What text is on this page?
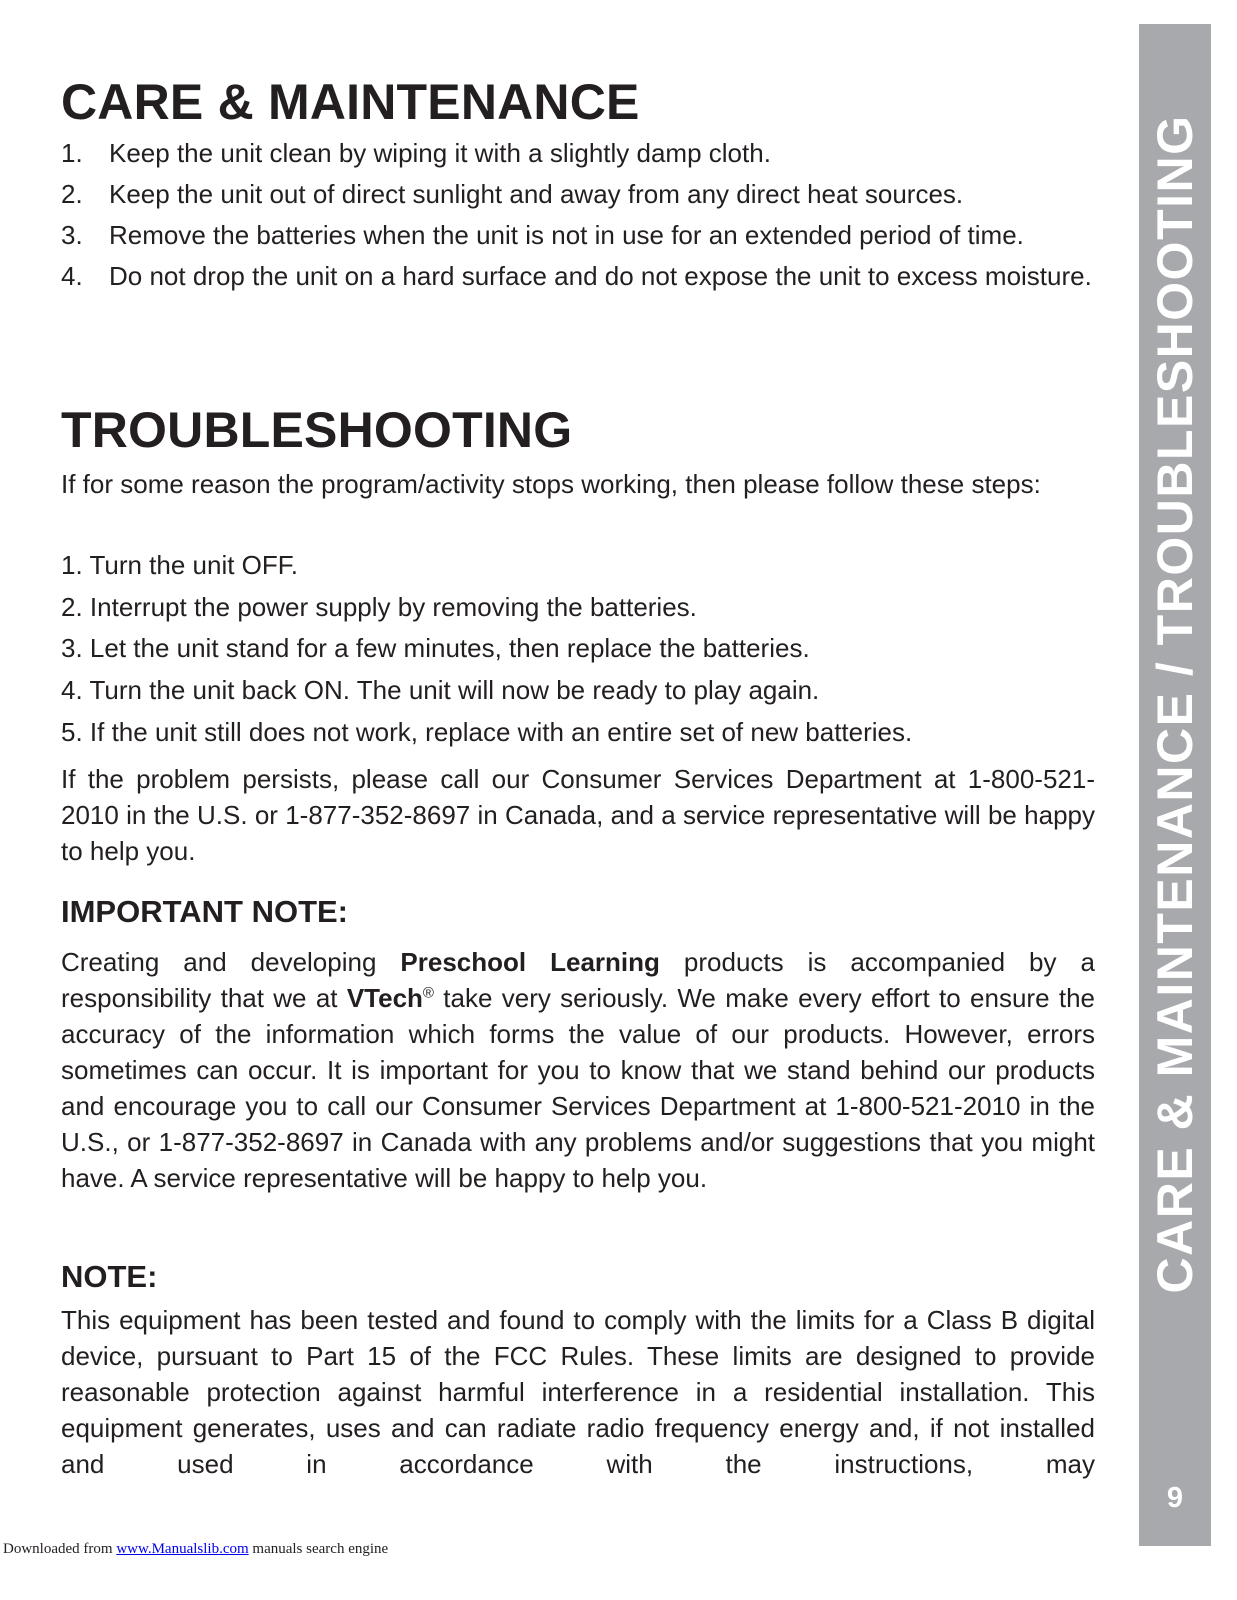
CARE & MAINTENANCE
1. Keep the unit clean by wiping it with a slightly damp cloth.
2. Keep the unit out of direct sunlight and away from any direct heat sources.
3. Remove the batteries when the unit is not in use for an extended period of time.
4. Do not drop the unit on a hard surface and do not expose the unit to excess moisture.
TROUBLESHOOTING

If for some reason the program/activity stops working, then please follow these steps:

1. Turn the unit OFF.
2. Interrupt the power supply by removing the batteries.
3. Let the unit stand for a few minutes, then replace the batteries.
4. Turn the unit back ON. The unit will now be ready to play again.
5. If the unit still does not work, replace with an entire set of new batteries.

If the problem persists, please call our Consumer Services Department at 1-800-521-2010 in the U.S. or 1-877-352-8697 in Canada, and a service representative will be happy to help you.

IMPORTANT NOTE:

Creating and developing Preschool Learning products is accompanied by a responsibility that we at VTech® take very seriously. We make every effort to ensure the accuracy of the information which forms the value of our products. However, errors sometimes can occur. It is important for you to know that we stand behind our products and encourage you to call our Consumer Services Department at 1-800-521-2010 in the U.S., or 1-877-352-8697 in Canada with any problems and/or suggestions that you might have. A service representative will be happy to help you.

NOTE:

This equipment has been tested and found to comply with the limits for a Class B digital device, pursuant to Part 15 of the FCC Rules. These limits are designed to provide reasonable protection against harmful interference in a residential installation. This equipment generates, uses and can radiate radio frequency energy and, if not installed and used in accordance with the instructions, may

CARE & MAINTENANCE / TROUBLESHOOTING
9
Downloaded from www.Manualslib.com manuals search engine
